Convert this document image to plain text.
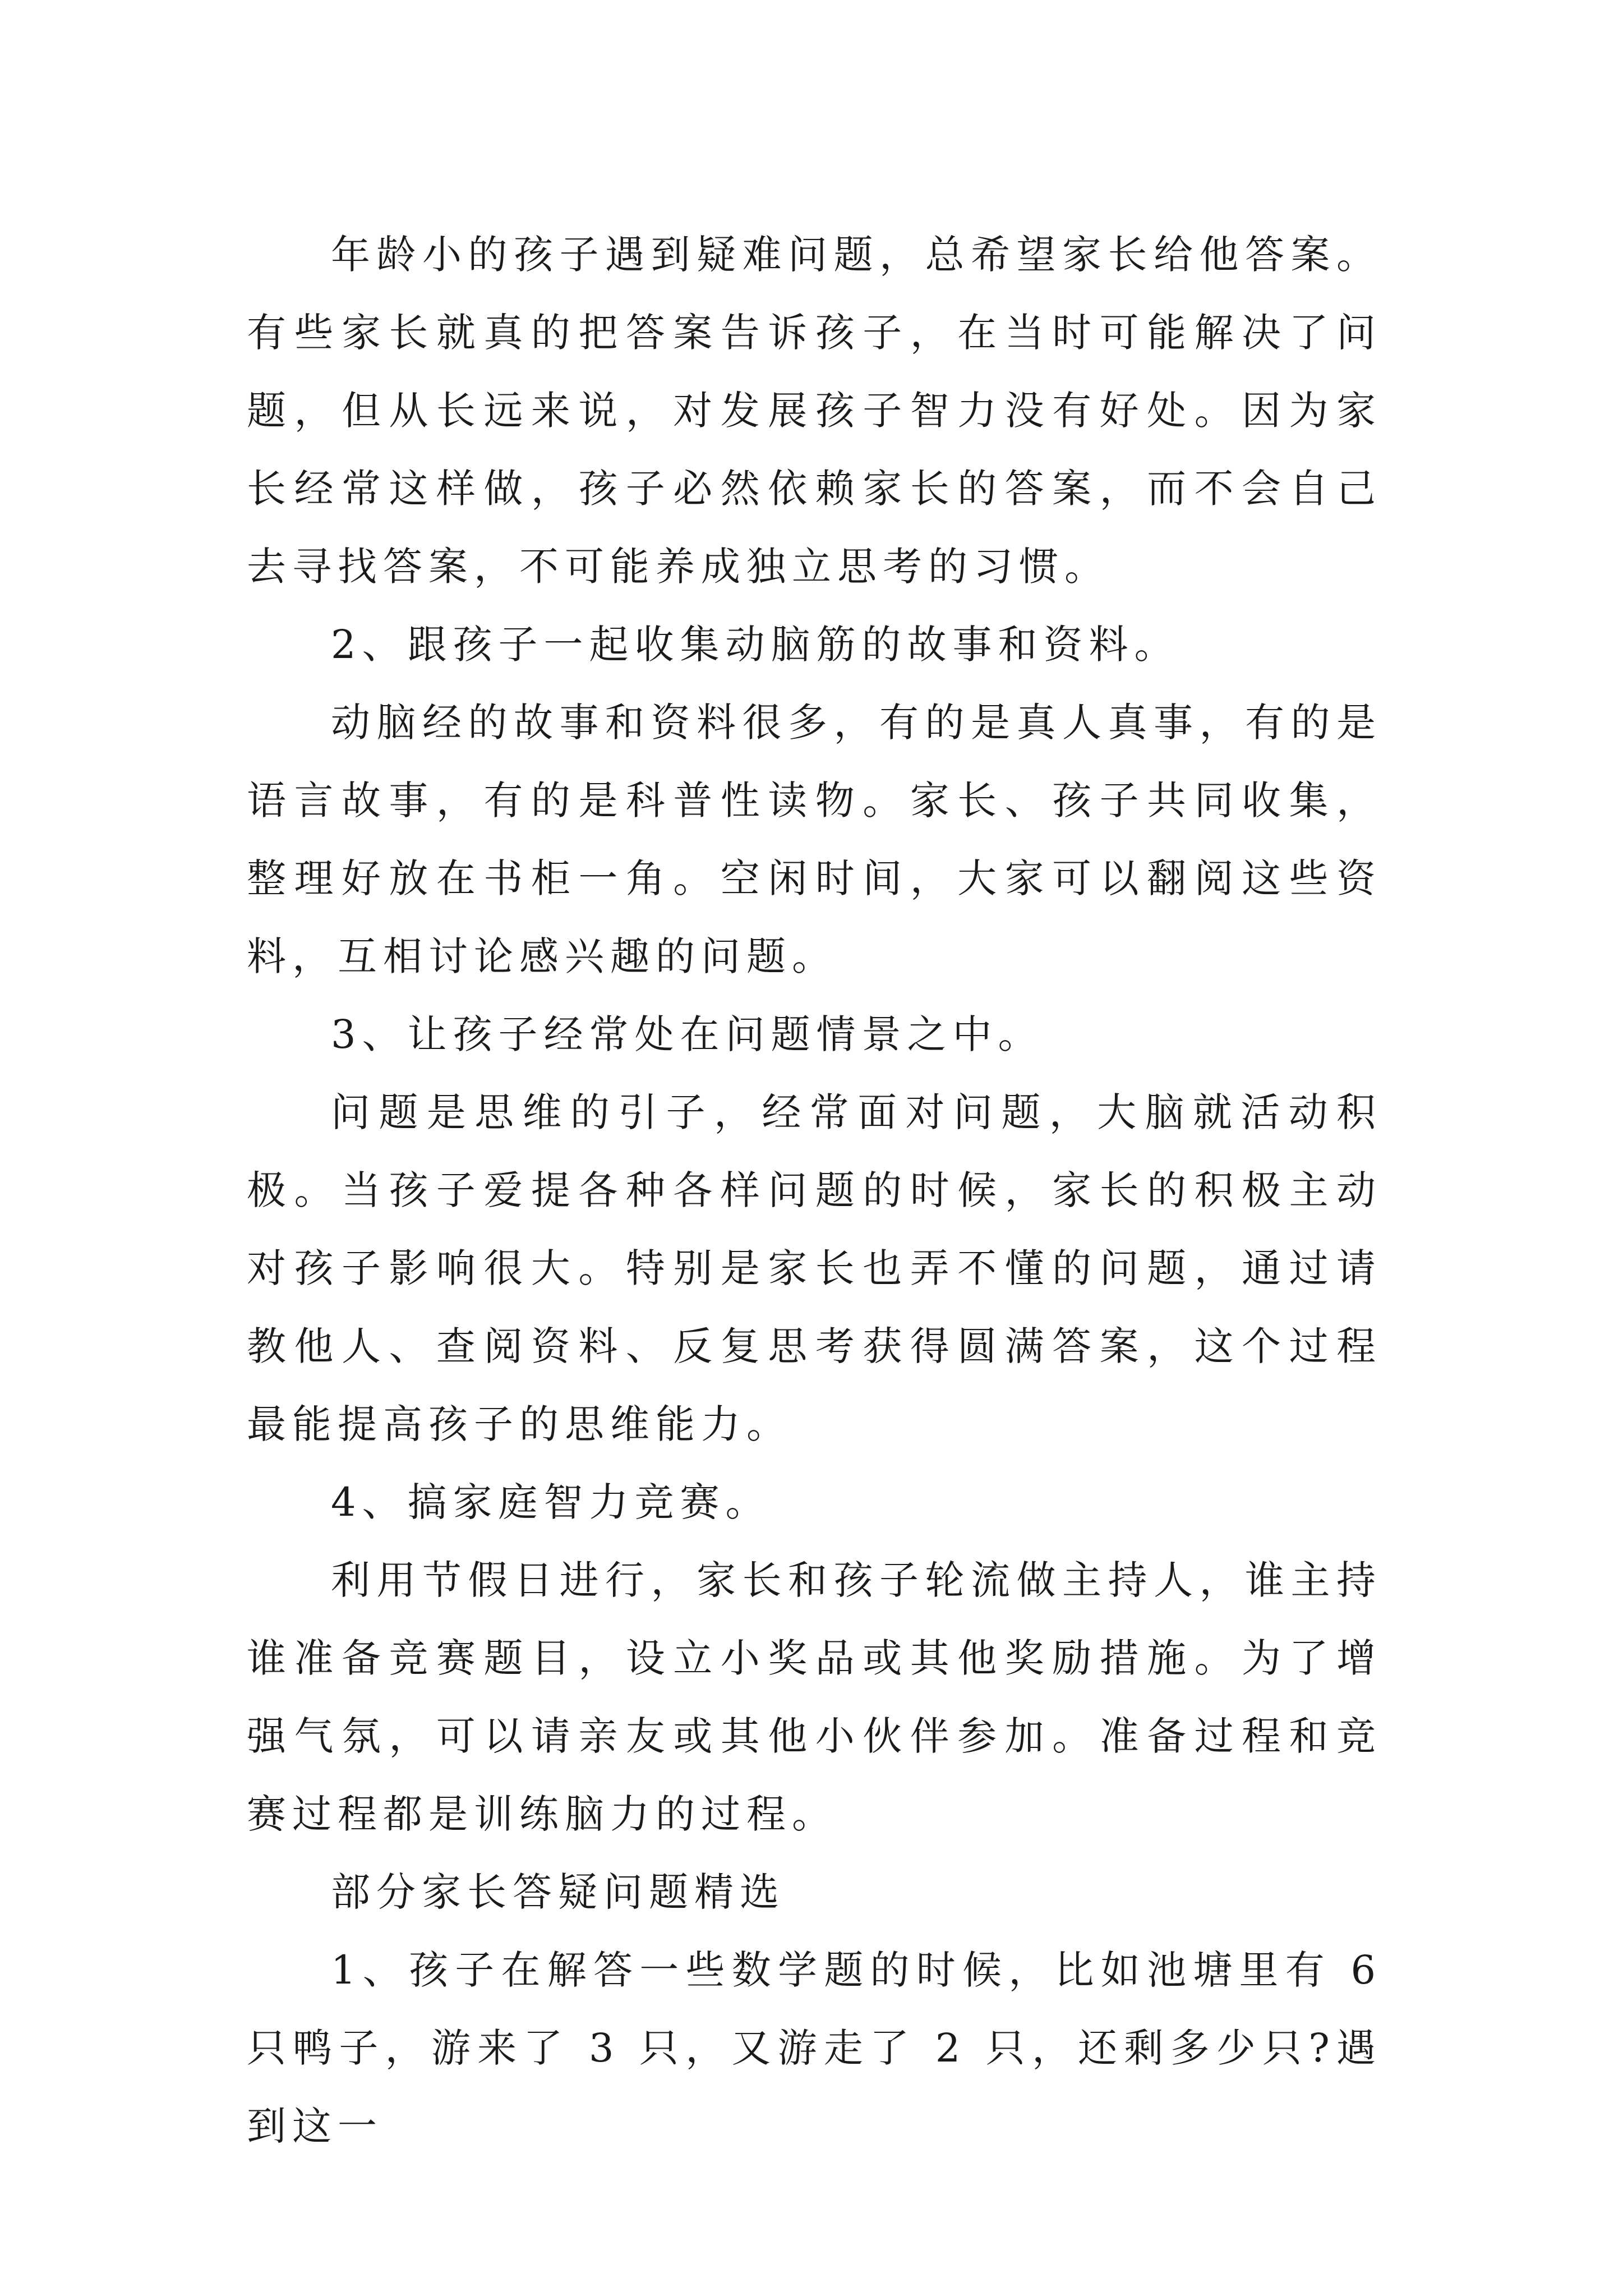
年龄小的孩子遇到疑难问题，总希望家长给他答案。有些家长就真的把答案告诉孩子，在当时可能解决了问题，但从长远来说，对发展孩子智力没有好处。因为家长经常这样做，孩子必然依赖家长的答案，而不会自己去寻找答案，不可能养成独立思考的习惯。

2、跟孩子一起收集动脑筋的故事和资料。

动脑经的故事和资料很多，有的是真人真事，有的是语言故事，有的是科普性读物。家长、孩子共同收集，整理好放在书柜一角。空闲时间，大家可以翻阅这些资料，互相讨论感兴趣的问题。

3、让孩子经常处在问题情景之中。

问题是思维的引子，经常面对问题，大脑就活动积极。当孩子爱提各种各样问题的时候，家长的积极主动对孩子影响很大。特别是家长也弄不懂的问题，通过请教他人、查阅资料、反复思考获得圆满答案，这个过程最能提高孩子的思维能力。

4、搞家庭智力竞赛。

利用节假日进行，家长和孩子轮流做主持人，谁主持谁准备竞赛题目，设立小奖品或其他奖励措施。为了增强气氛，可以请亲友或其他小伙伴参加。准备过程和竞赛过程都是训练脑力的过程。

部分家长答疑问题精选

1、孩子在解答一些数学题的时候，比如池塘里有 6 只鸭子，游来了 3 只，又游走了 2 只，还剩多少只?遇到这一
